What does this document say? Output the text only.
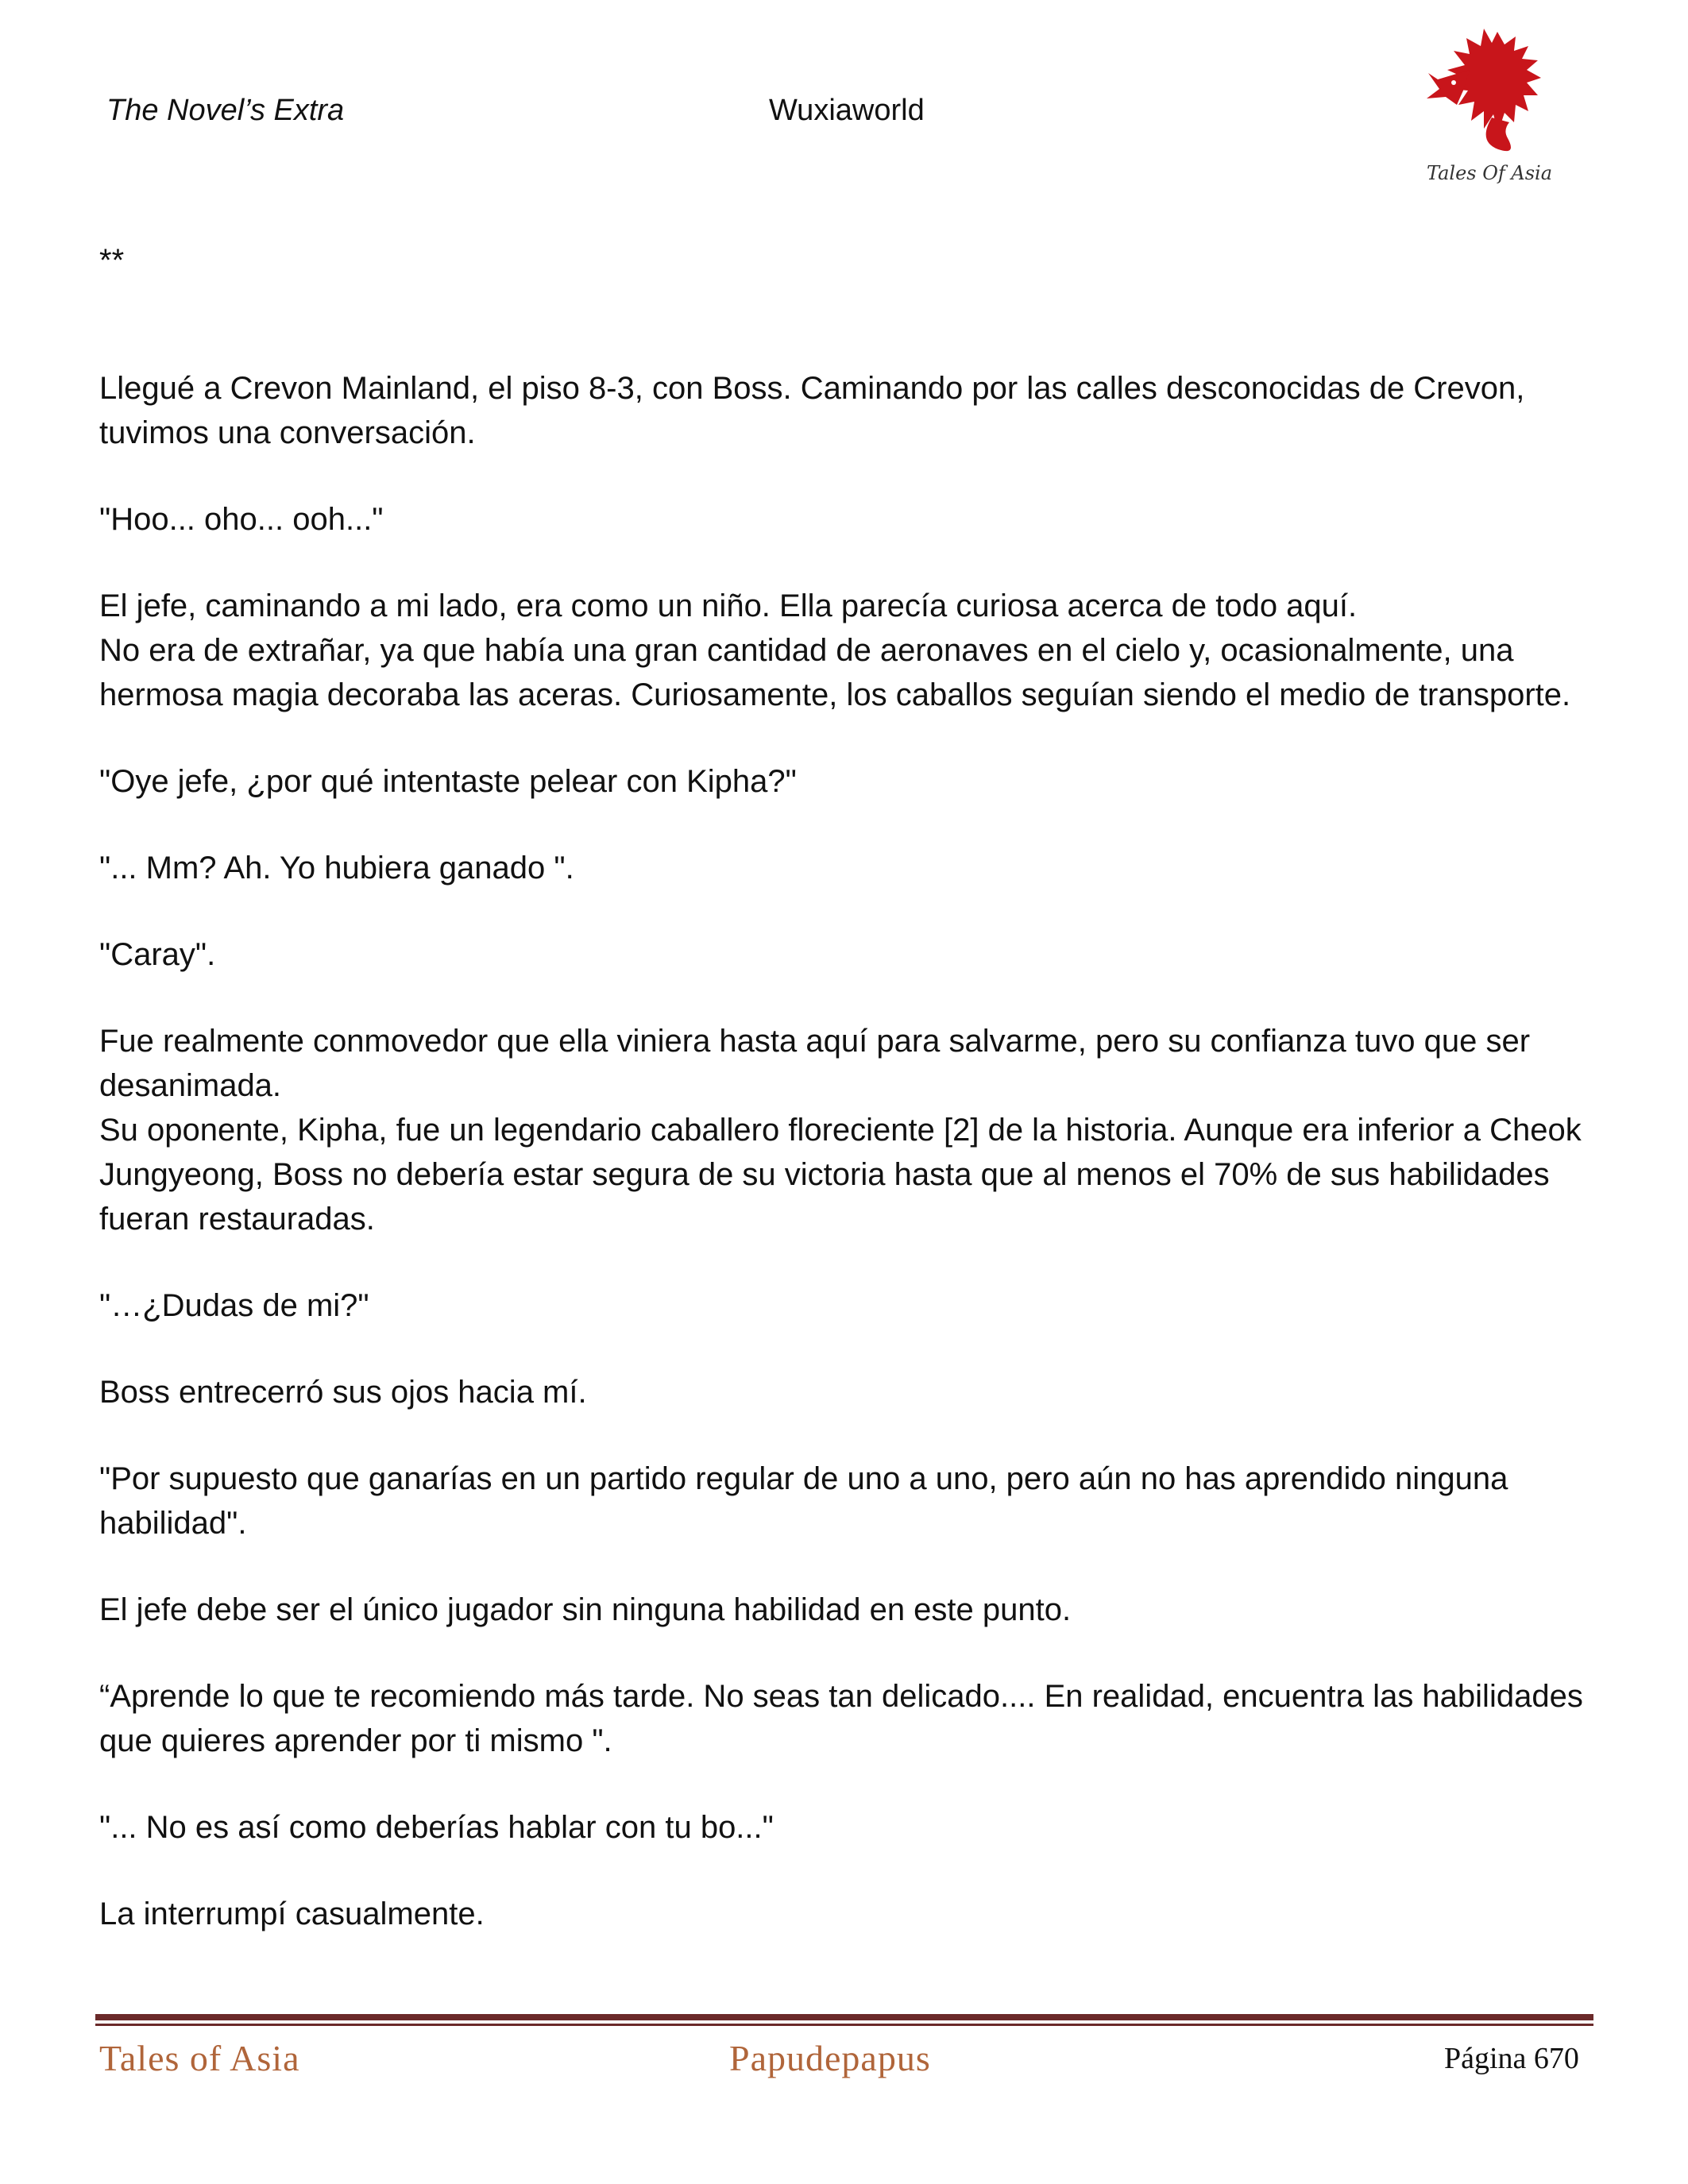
The Novel’s Extra	Wuxiaworld
Tales Of Asia

**

Llegué a Crevon Mainland, el piso 8-3, con Boss. Caminando por las calles desconocidas de Crevon, tuvimos una conversación.

"Hoo... oho... ooh..."

El jefe, caminando a mi lado, era como un niño. Ella parecía curiosa acerca de todo aquí.

No era de extrañar, ya que había una gran cantidad de aeronaves en el cielo y, ocasionalmente, una hermosa magia decoraba las aceras. Curiosamente, los caballos seguían siendo el medio de transporte.

"Oye jefe, ¿por qué intentaste pelear con Kipha?"

"... Mm? Ah. Yo hubiera ganado ".

"Caray".

Fue realmente conmovedor que ella viniera hasta aquí para salvarme, pero su confianza tuvo que ser desanimada.

Su oponente, Kipha, fue un legendario caballero floreciente [2] de la historia. Aunque era inferior a Cheok Jungyeong, Boss no debería estar segura de su victoria hasta que al menos el 70% de sus habilidades fueran restauradas.

"…¿Dudas de mi?"

Boss entrecerró sus ojos hacia mí.

"Por supuesto que ganarías en un partido regular de uno a uno, pero aún no has aprendido ninguna habilidad".

El jefe debe ser el único jugador sin ninguna habilidad en este punto.

“Aprende lo que te recomiendo más tarde. No seas tan delicado.... En realidad, encuentra las habilidades que quieres aprender por ti mismo ".

"... No es así como deberías hablar con tu bo..."

La interrumpí casualmente.

Tales of Asia	Papudepapus	Página 670
